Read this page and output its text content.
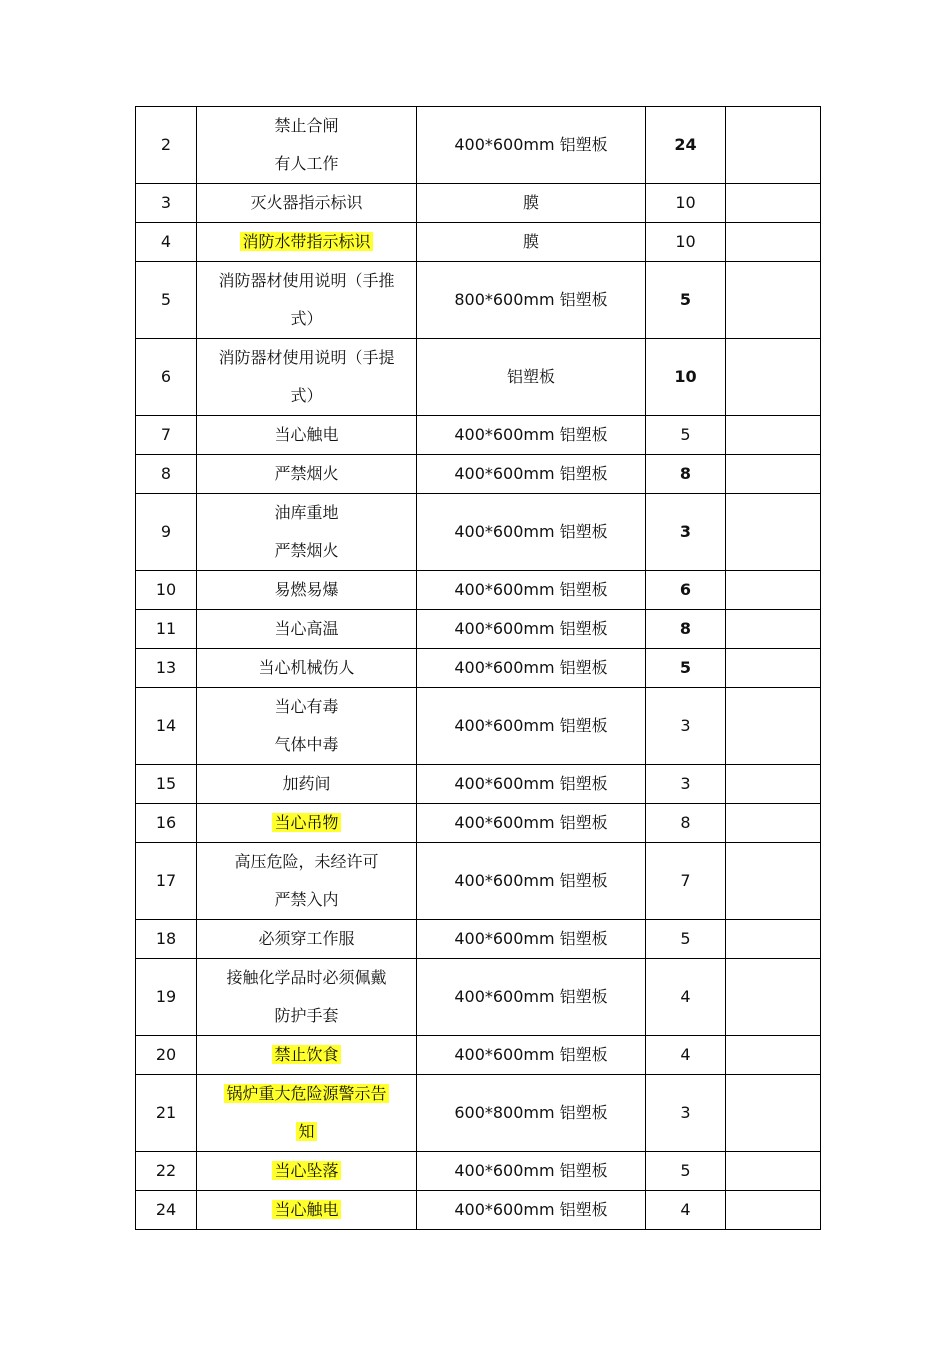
2	禁止合闸
有人工作	400*600mm 铝塑板	24	
3	灭火器指示标识	膜	10	
4	消防水带指示标识	膜	10	
5	消防器材使用说明（手推
式）	800*600mm 铝塑板	5	
6	消防器材使用说明（手提
式）	铝塑板	10	
7	当心触电	400*600mm 铝塑板	5	
8	严禁烟火	400*600mm 铝塑板	8	
9	油库重地
严禁烟火	400*600mm 铝塑板	3	
10	易燃易爆	400*600mm 铝塑板	6	
11	当心高温	400*600mm 铝塑板	8	
13	当心机械伤人	400*600mm 铝塑板	5	
14	当心有毒
气体中毒	400*600mm 铝塑板	3	
15	加药间	400*600mm 铝塑板	3	
16	当心吊物	400*600mm 铝塑板	8	
17	高压危险，未经许可
严禁入内	400*600mm 铝塑板	7	
18	必须穿工作服	400*600mm 铝塑板	5	
19	接触化学品时必须佩戴
防护手套	400*600mm 铝塑板	4	
20	禁止饮食	400*600mm 铝塑板	4	
21	锅炉重大危险源警示告
知	600*800mm 铝塑板	3	
22	当心坠落	400*600mm 铝塑板	5	
24	当心触电	400*600mm 铝塑板	4	
